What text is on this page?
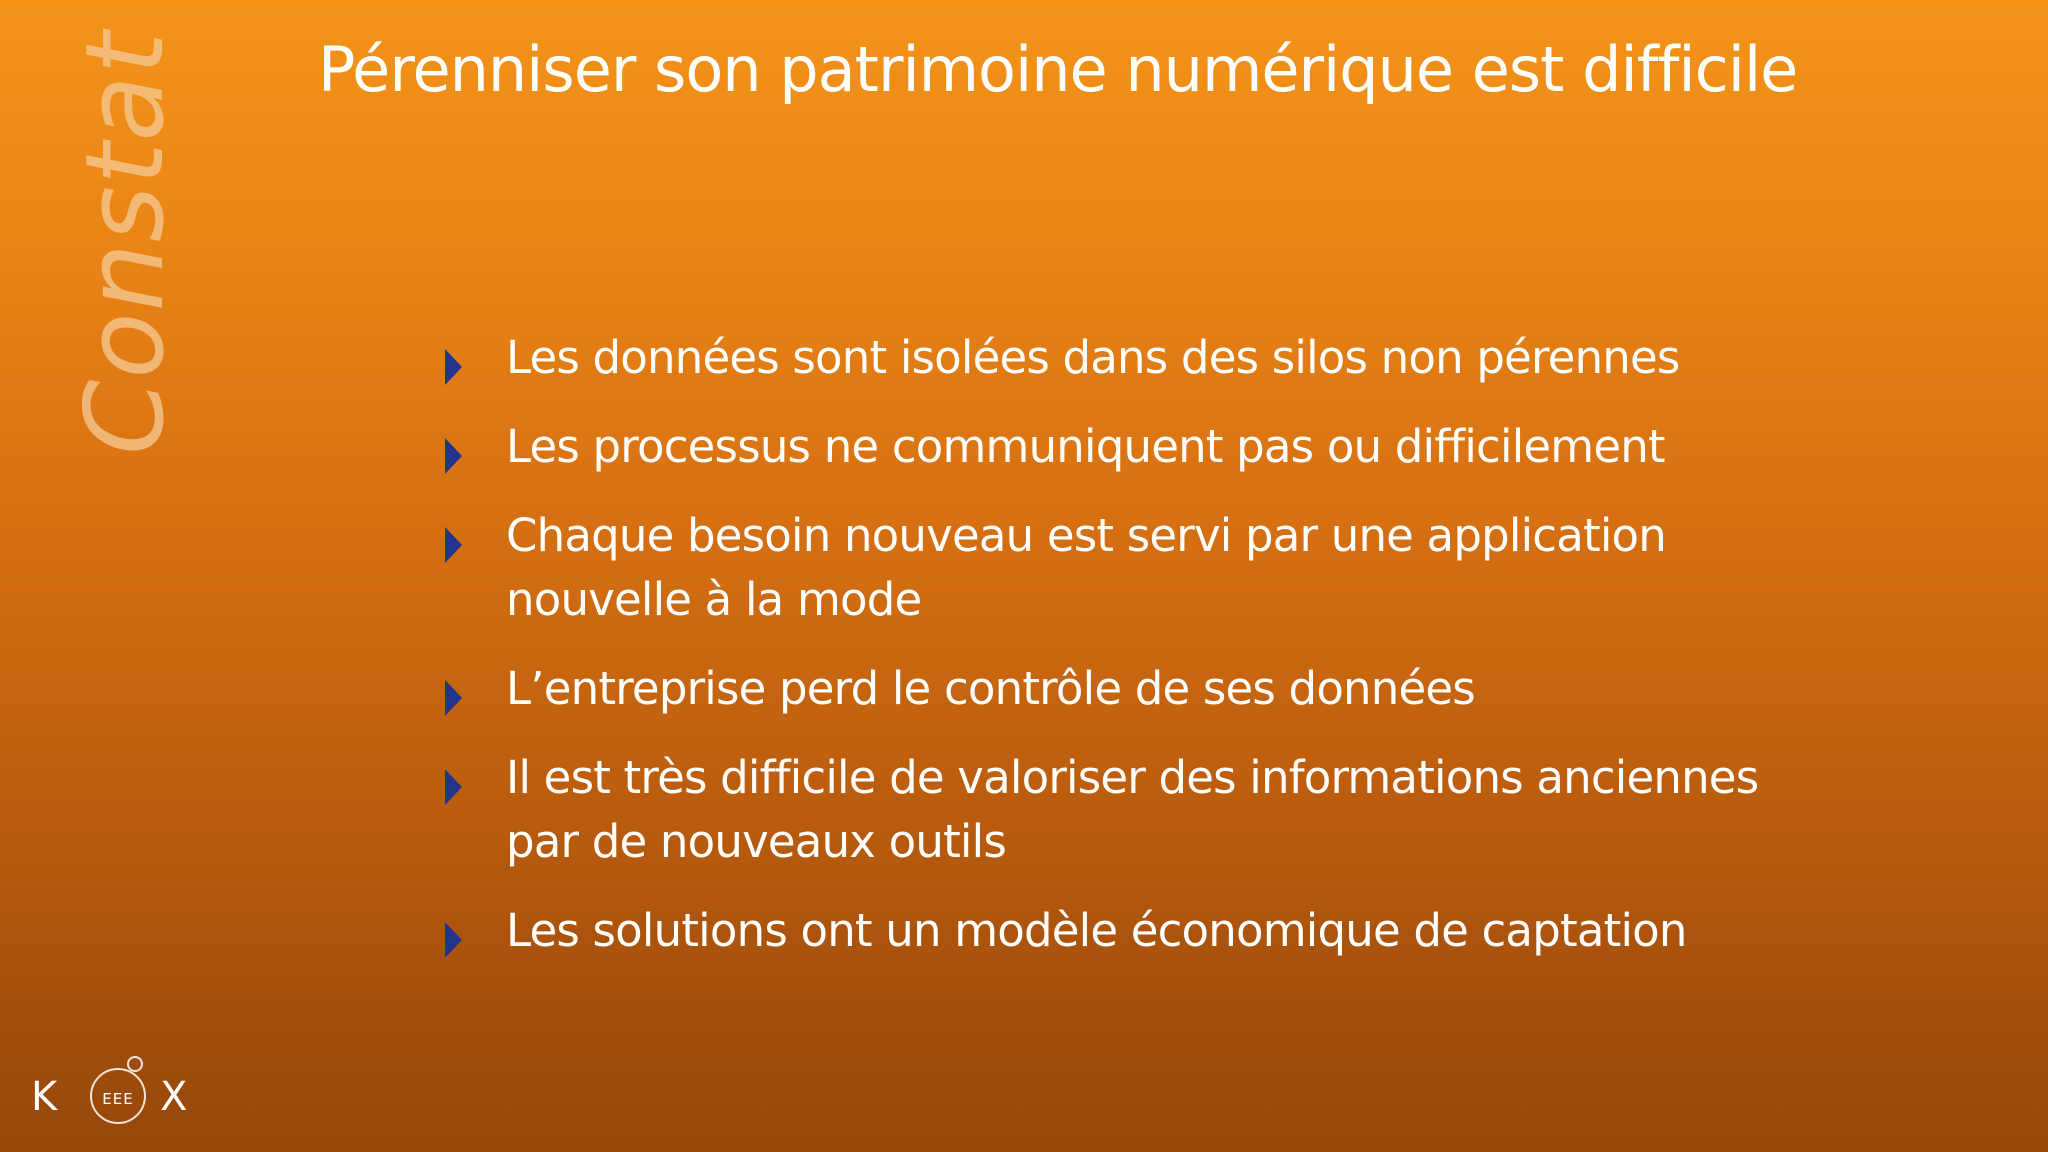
Constat Pérenniser son patrimoine numérique est difficile
Les données sont isolées dans des silos non pérennes
Les processus ne communiquent pas ou difficilement
Chaque besoin nouveau est servi par une application nouvelle à la mode
L’entreprise perd le contrôle de ses données
Il est très difficile de valoriser des informations anciennes par de nouveaux outils
Les solutions ont un modèle économique de captation
K	EEE X
